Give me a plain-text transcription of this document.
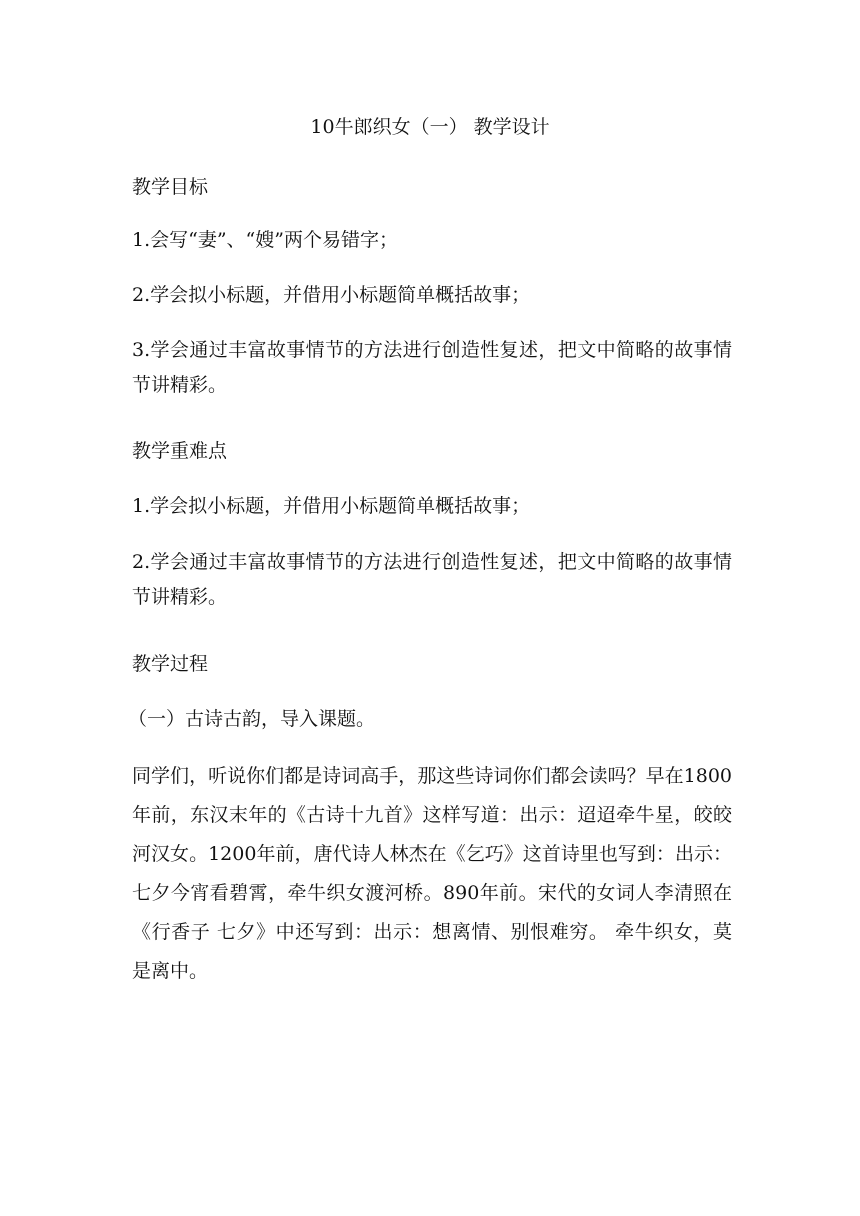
10牛郎织女（一） 教学设计
教学目标
1.会写“妻”、“嫂”两个易错字；
2.学会拟小标题，并借用小标题简单概括故事；
3.学会通过丰富故事情节的方法进行创造性复述，把文中简略的故事情节讲精彩。
教学重难点
1.学会拟小标题，并借用小标题简单概括故事；
2.学会通过丰富故事情节的方法进行创造性复述，把文中简略的故事情节讲精彩。
教学过程
（一）古诗古韵，导入课题。
同学们，听说你们都是诗词高手，那这些诗词你们都会读吗？早在1800年前，东汉末年的《古诗十九首》这样写道：出示：迢迢牵牛星，皎皎河汉女。1200年前，唐代诗人林杰在《乞巧》这首诗里也写到：出示：七夕今宵看碧霄，牵牛织女渡河桥。890年前。宋代的女词人李清照在《行香子 七夕》中还写到：出示：想离情、别恨难穷。 牵牛织女，莫是离中。
